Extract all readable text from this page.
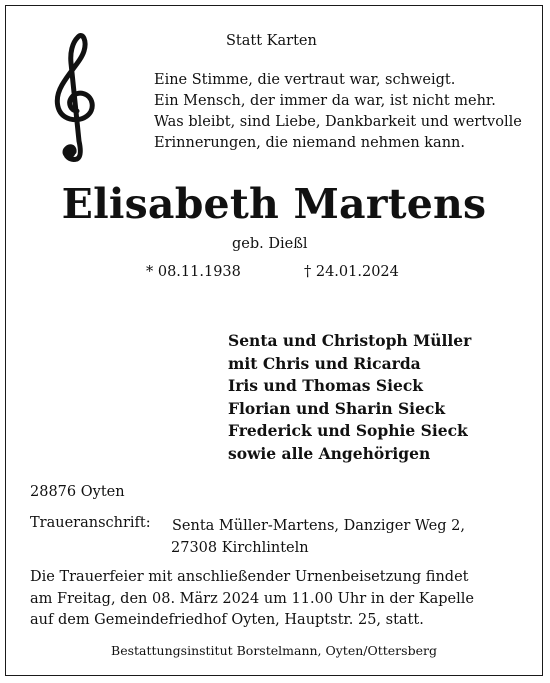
Statt Karten
Eine Stimme, die vertraut war, schweigt.
Ein Mensch, der immer da war, ist nicht mehr.
Was bleibt, sind Liebe, Dankbarkeit und wertvolle
Erinnerungen, die niemand nehmen kann.
Elisabeth Martens
geb. Dießl
* 08.11.1938	† 24.01.2024
Senta und Christoph Müller
mit Chris und Ricarda
Iris und Thomas Sieck
Florian und Sharin Sieck
Frederick und Sophie Sieck
sowie alle Angehörigen
28876 Oyten
Traueranschrift: Senta Müller-Martens, Danziger Weg 2,
27308 Kirchlinteln
Die Trauerfeier mit anschließender Urnenbeisetzung findet
am Freitag, den 08. März 2024 um 11.00 Uhr in der Kapelle
auf dem Gemeindefriedhof Oyten, Hauptstr. 25, statt.
Bestattungsinstitut Borstelmann, Oyten/Ottersberg
